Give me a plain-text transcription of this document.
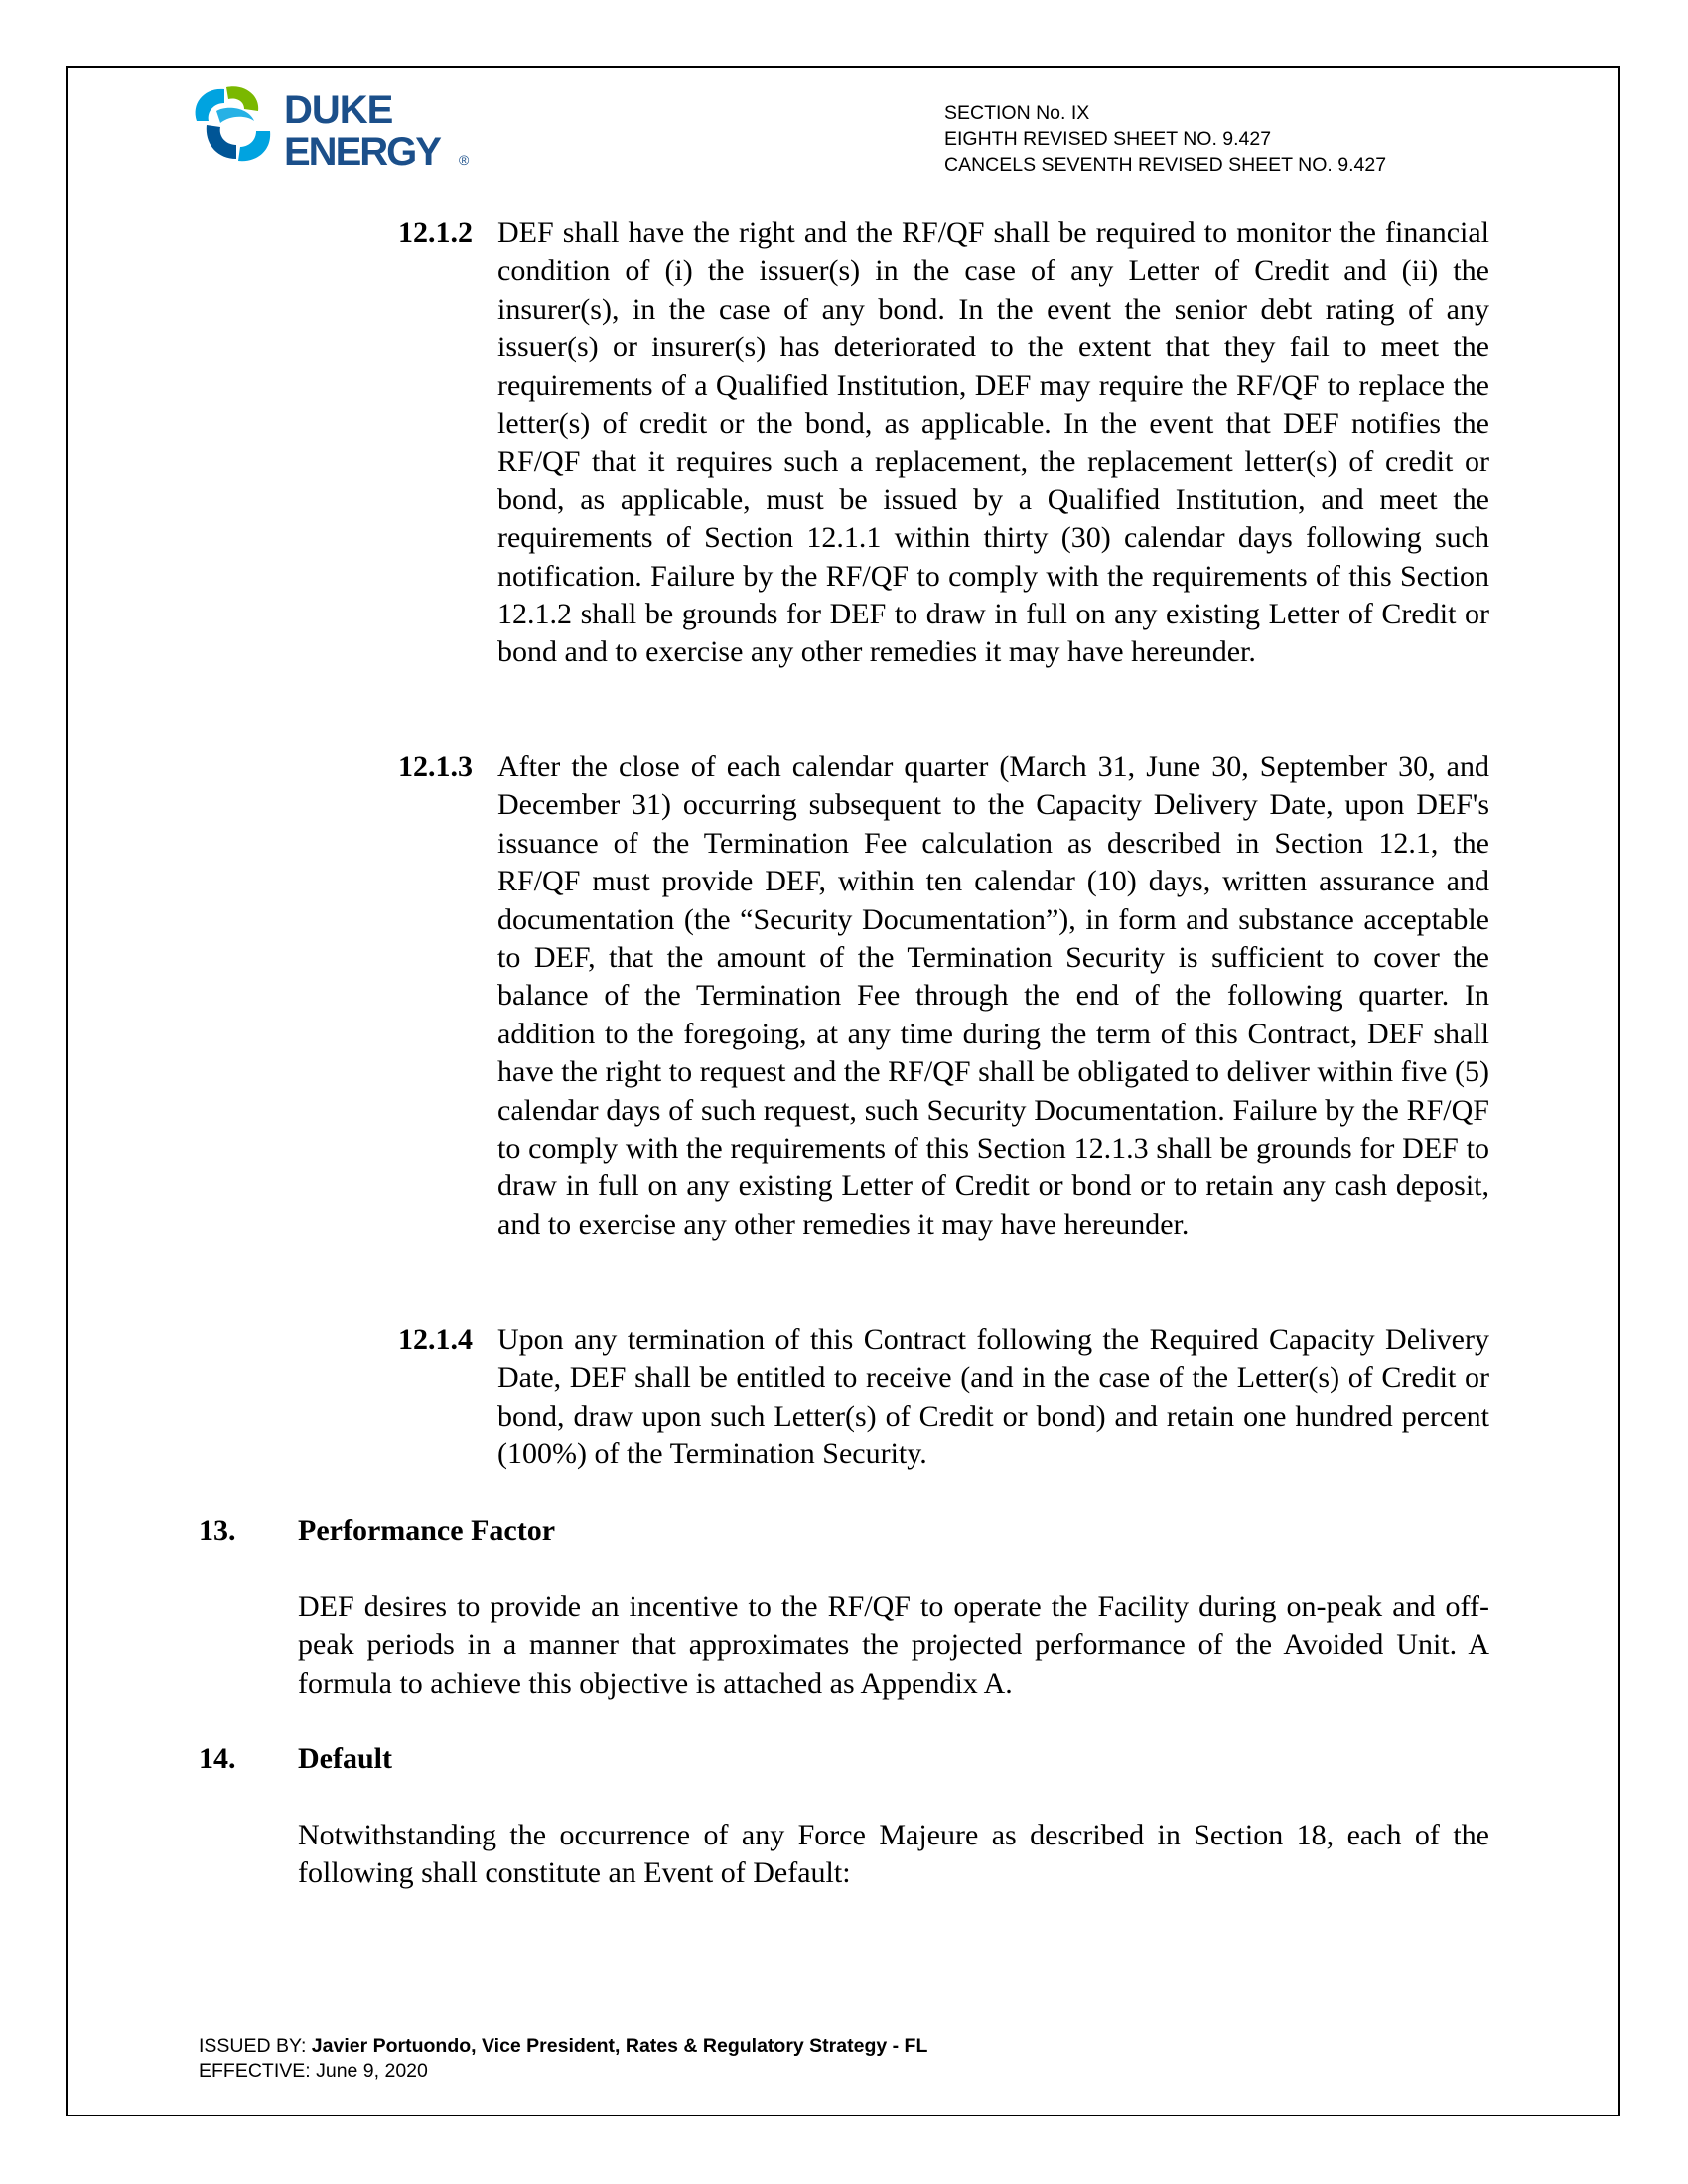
DUKE
ENERGY ®
SECTION No. IX
EIGHTH REVISED SHEET NO. 9.427
CANCELS SEVENTH REVISED SHEET NO. 9.427
12.1.2 DEF shall have the right and the RF/QF shall be required to monitor the financial condition of (i) the issuer(s) in the case of any Letter of Credit and (ii) the insurer(s), in the case of any bond. In the event the senior debt rating of any issuer(s) or insurer(s) has deteriorated to the extent that they fail to meet the requirements of a Qualified Institution, DEF may require the RF/QF to replace the letter(s) of credit or the bond, as applicable. In the event that DEF notifies the RF/QF that it requires such a replacement, the replacement letter(s) of credit or bond, as applicable, must be issued by a Qualified Institution, and meet the requirements of Section 12.1.1 within thirty (30) calendar days following such notification. Failure by the RF/QF to comply with the requirements of this Section 12.1.2 shall be grounds for DEF to draw in full on any existing Letter of Credit or bond and to exercise any other remedies it may have hereunder.
12.1.3 After the close of each calendar quarter (March 31, June 30, September 30, and December 31) occurring subsequent to the Capacity Delivery Date, upon DEF's issuance of the Termination Fee calculation as described in Section 12.1, the RF/QF must provide DEF, within ten calendar (10) days, written assurance and documentation (the “Security Documentation”), in form and substance acceptable to DEF, that the amount of the Termination Security is sufficient to cover the balance of the Termination Fee through the end of the following quarter. In addition to the foregoing, at any time during the term of this Contract, DEF shall have the right to request and the RF/QF shall be obligated to deliver within five (5) calendar days of such request, such Security Documentation. Failure by the RF/QF to comply with the requirements of this Section 12.1.3 shall be grounds for DEF to draw in full on any existing Letter of Credit or bond or to retain any cash deposit, and to exercise any other remedies it may have hereunder.
12.1.4 Upon any termination of this Contract following the Required Capacity Delivery Date, DEF shall be entitled to receive (and in the case of the Letter(s) of Credit or bond, draw upon such Letter(s) of Credit or bond) and retain one hundred percent (100%) of the Termination Security.
13. Performance Factor
DEF desires to provide an incentive to the RF/QF to operate the Facility during on-peak and off-peak periods in a manner that approximates the projected performance of the Avoided Unit. A formula to achieve this objective is attached as Appendix A.
14. Default
Notwithstanding the occurrence of any Force Majeure as described in Section 18, each of the following shall constitute an Event of Default:
ISSUED BY: Javier Portuondo, Vice President, Rates & Regulatory Strategy - FL
EFFECTIVE: June 9, 2020
